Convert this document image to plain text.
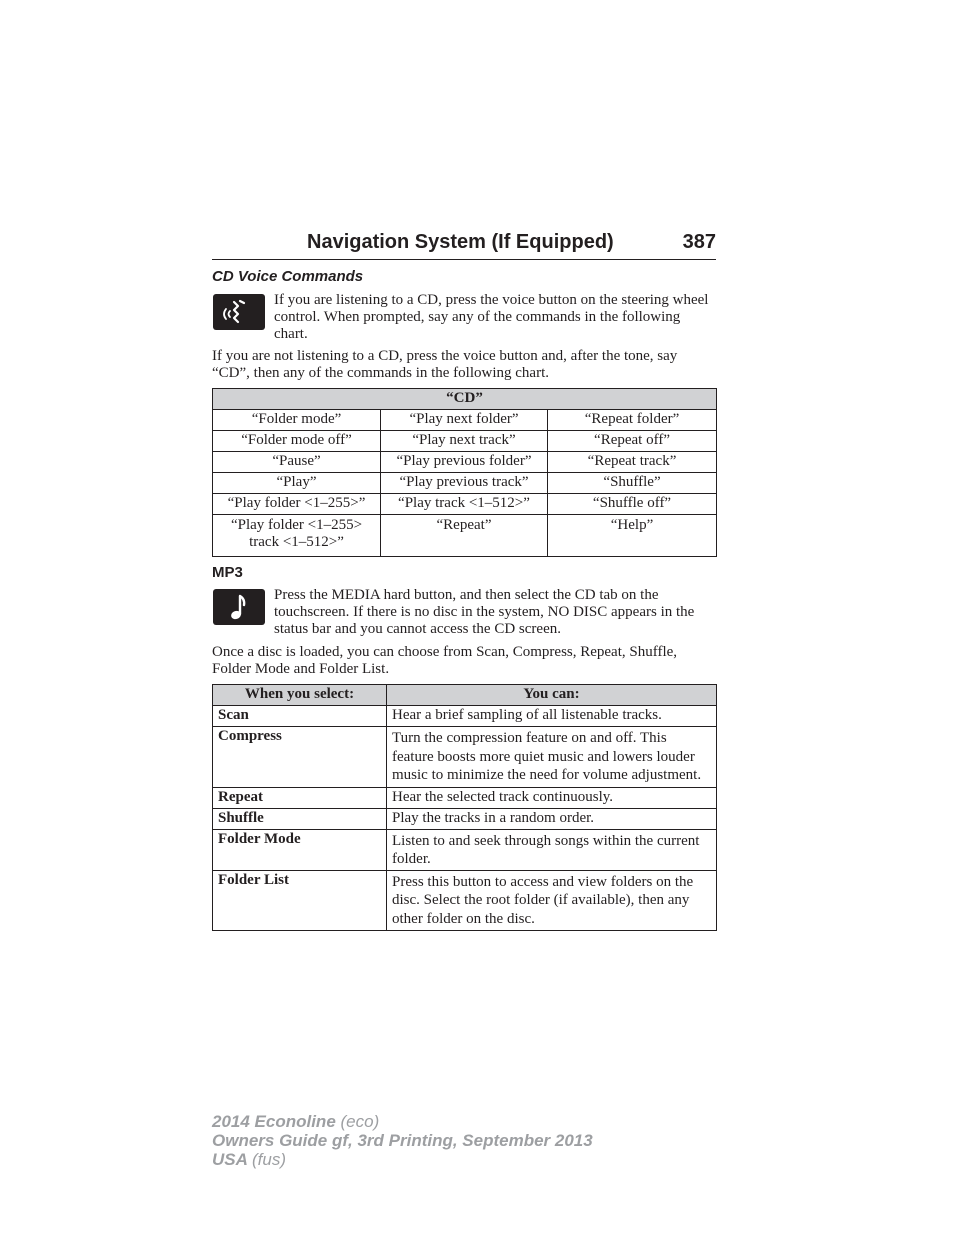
Navigation System (If Equipped)	387
CD Voice Commands

If you are listening to a CD, press the voice button on the steering wheel control. When prompted, say any of the commands in the following chart.

If you are not listening to a CD, press the voice button and, after the tone, say “CD”, then any of the commands in the following chart.

“CD”		
“Folder mode”	“Play next folder”	“Repeat folder”
“Folder mode off”	“Play next track”	“Repeat off”
“Pause”	“Play previous folder”	“Repeat track”
“Play”	“Play previous track”	“Shuffle”
“Play folder <1–255>”	“Play track <1–512>”	“Shuffle off”
“Play folder <1–255> track <1–512>”	“Repeat”	“Help”
MP3

Press the MEDIA hard button, and then select the CD tab on the touchscreen. If there is no disc in the system, NO DISC appears in the status bar and you cannot access the CD screen.

Once a disc is loaded, you can choose from Scan, Compress, Repeat, Shuffle, Folder Mode and Folder List.

When you select:	You can:
Scan	Hear a brief sampling of all listenable tracks.
Compress	Turn the compression feature on and off. This feature boosts more quiet music and lowers louder music to minimize the need for volume adjustment.
Repeat	Hear the selected track continuously.
Shuffle	Play the tracks in a random order.
Folder Mode	Listen to and seek through songs within the current folder.
Folder List	Press this button to access and view folders on the disc. Select the root folder (if available), then any other folder on the disc.
2014 Econoline (eco)
Owners Guide gf, 3rd Printing, September 2013
USA (fus)
